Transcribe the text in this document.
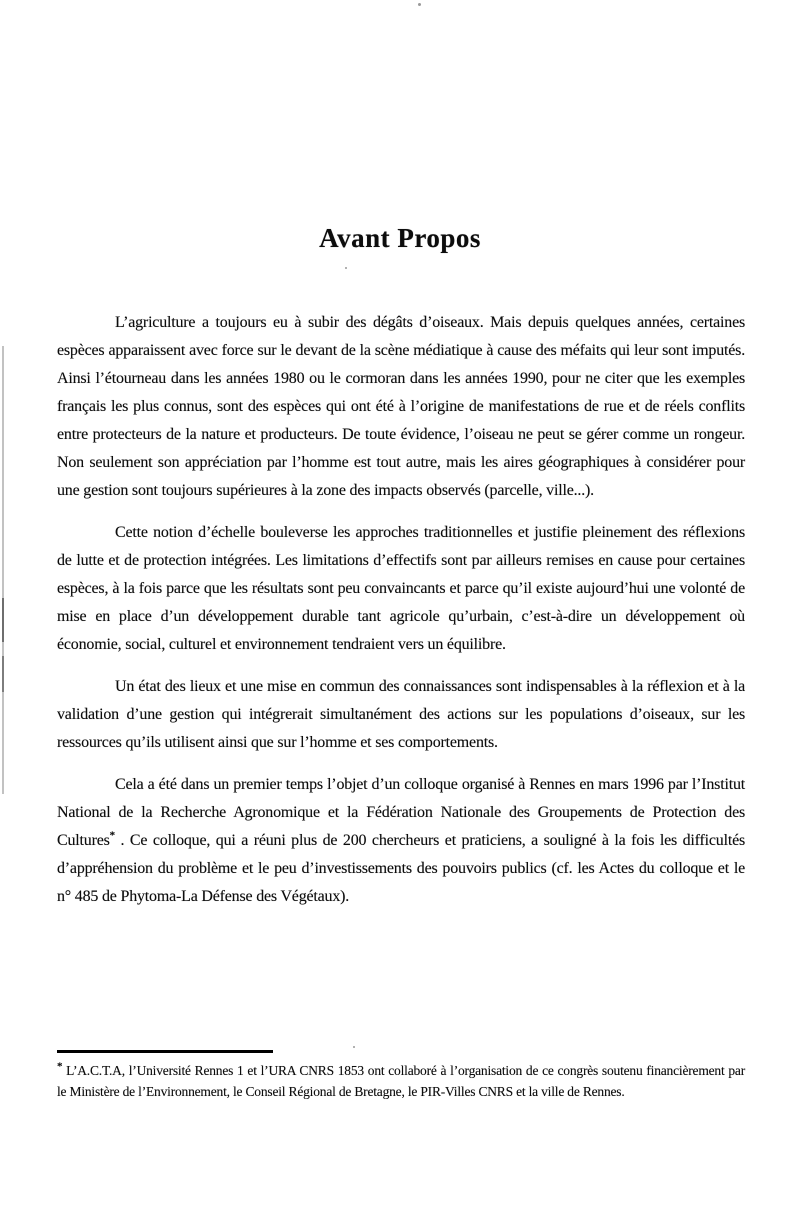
Avant Propos

L’agriculture a toujours eu à subir des dégâts d’oiseaux. Mais depuis quelques années, certaines espèces apparaissent avec force sur le devant de la scène médiatique à cause des méfaits qui leur sont imputés. Ainsi l’étourneau dans les années 1980 ou le cormoran dans les années 1990, pour ne citer que les exemples français les plus connus, sont des espèces qui ont été à l’origine de manifestations de rue et de réels conflits entre protecteurs de la nature et producteurs. De toute évidence, l’oiseau ne peut se gérer comme un rongeur. Non seulement son appréciation par l’homme est tout autre, mais les aires géographiques à considérer pour une gestion sont toujours supérieures à la zone des impacts observés (parcelle, ville...).

Cette notion d’échelle bouleverse les approches traditionnelles et justifie pleinement des réflexions de lutte et de protection intégrées. Les limitations d’effectifs sont par ailleurs remises en cause pour certaines espèces, à la fois parce que les résultats sont peu convaincants et parce qu’il existe aujourd’hui une volonté de mise en place d’un développement durable tant agricole qu’urbain, c’est-à-dire un développement où économie, social, culturel et environnement tendraient vers un équilibre.

Un état des lieux et une mise en commun des connaissances sont indispensables à la réflexion et à la validation d’une gestion qui intégrerait simultanément des actions sur les populations d’oiseaux, sur les ressources qu’ils utilisent ainsi que sur l’homme et ses comportements.

Cela a été dans un premier temps l’objet d’un colloque organisé à Rennes en mars 1996 par l’Institut National de la Recherche Agronomique et la Fédération Nationale des Groupements de Protection des Cultures* . Ce colloque, qui a réuni plus de 200 chercheurs et praticiens, a souligné à la fois les difficultés d’appréhension du problème et le peu d’investissements des pouvoirs publics (cf. les Actes du colloque et le n° 485 de Phytoma-La Défense des Végétaux).

* L’A.C.T.A, l’Université Rennes 1 et l’URA CNRS 1853 ont collaboré à l’organisation de ce congrès soutenu financièrement par le Ministère de l’Environnement, le Conseil Régional de Bretagne, le PIR-Villes CNRS et la ville de Rennes.
